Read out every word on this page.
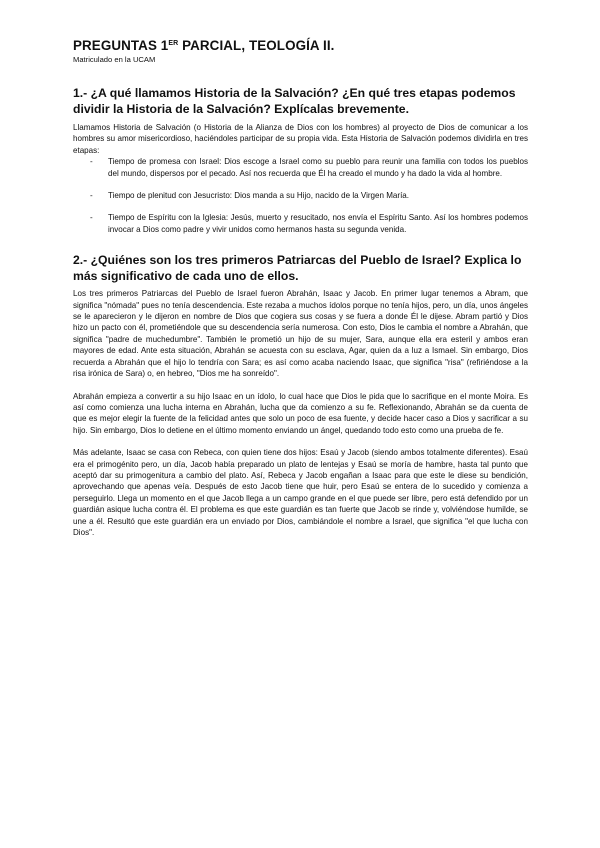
PREGUNTAS 1ER PARCIAL, TEOLOGÍA II.
Matriculado en la UCAM
1.- ¿A qué llamamos Historia de la Salvación? ¿En qué tres etapas podemos dividir la Historia de la Salvación? Explícalas brevemente.

Llamamos Historia de Salvación (o Historia de la Alianza de Dios con los hombres) al proyecto de Dios de comunicar a los hombres su amor misericordioso, haciéndoles participar de su propia vida. Esta Historia de Salvación podemos dividirla en tres etapas:

- Tiempo de promesa con Israel: Dios escoge a Israel como su pueblo para reunir una familia con todos los pueblos del mundo, dispersos por el pecado. Así nos recuerda que Él ha creado el mundo y ha dado la vida al hombre.
- Tiempo de plenitud con Jesucristo: Dios manda a su Hijo, nacido de la Virgen María.
- Tiempo de Espíritu con la Iglesia: Jesús, muerto y resucitado, nos envía el Espíritu Santo. Así los hombres podemos invocar a Dios como padre y vivir unidos como hermanos hasta su segunda venida.
2.- ¿Quiénes son los tres primeros Patriarcas del Pueblo de Israel? Explica lo más significativo de cada uno de ellos.

Los tres primeros Patriarcas del Pueblo de Israel fueron Abrahán, Isaac y Jacob. En primer lugar tenemos a Abram, que significa "nómada" pues no tenía descendencia. Este rezaba a muchos ídolos porque no tenía hijos, pero, un día, unos ángeles se le aparecieron y le dijeron en nombre de Dios que cogiera sus cosas y se fuera a donde Él le dijese. Abram partió y Dios hizo un pacto con él, prometiéndole que su descendencia sería numerosa. Con esto, Dios le cambia el nombre a Abrahán, que significa "padre de muchedumbre". También le prometió un hijo de su mujer, Sara, aunque ella era esteril y ambos eran mayores de edad. Ante esta situación, Abrahán se acuesta con su esclava, Agar, quien da a luz a Ismael. Sin embargo, Dios recuerda a Abrahán que el hijo lo tendría con Sara; es así como acaba naciendo Isaac, que significa "risa" (refiriéndose a la risa irónica de Sara) o, en hebreo, "Dios me ha sonreído".

Abrahán empieza a convertir a su hijo Isaac en un ídolo, lo cual hace que Dios le pida que lo sacrifique en el monte Moira. Es así como comienza una lucha interna en Abrahán, lucha que da comienzo a su fe. Reflexionando, Abrahán se da cuenta de que es mejor elegir la fuente de la felicidad antes que solo un poco de esa fuente, y decide hacer caso a Dios y sacrificar a su hijo. Sin embargo, Dios lo detiene en el último momento enviando un ángel, quedando todo esto como una prueba de fe.

Más adelante, Isaac se casa con Rebeca, con quien tiene dos hijos: Esaú y Jacob (siendo ambos totalmente diferentes). Esaú era el primogénito pero, un día, Jacob había preparado un plato de lentejas y Esaú se moría de hambre, hasta tal punto que aceptó dar su primogenitura a cambio del plato. Así, Rebeca y Jacob engañan a Isaac para que este le diese su bendición, aprovechando que apenas veía. Después de esto Jacob tiene que huir, pero Esaú se entera de lo sucedido y comienza a perseguirlo. Llega un momento en el que Jacob llega a un campo grande en el que puede ser libre, pero está defendido por un guardián asique lucha contra él. El problema es que este guardián es tan fuerte que Jacob se rinde y, volviéndose humilde, se une a él. Resultó que este guardián era un enviado por Dios, cambiándole el nombre a Israel, que significa "el que lucha con Dios".
